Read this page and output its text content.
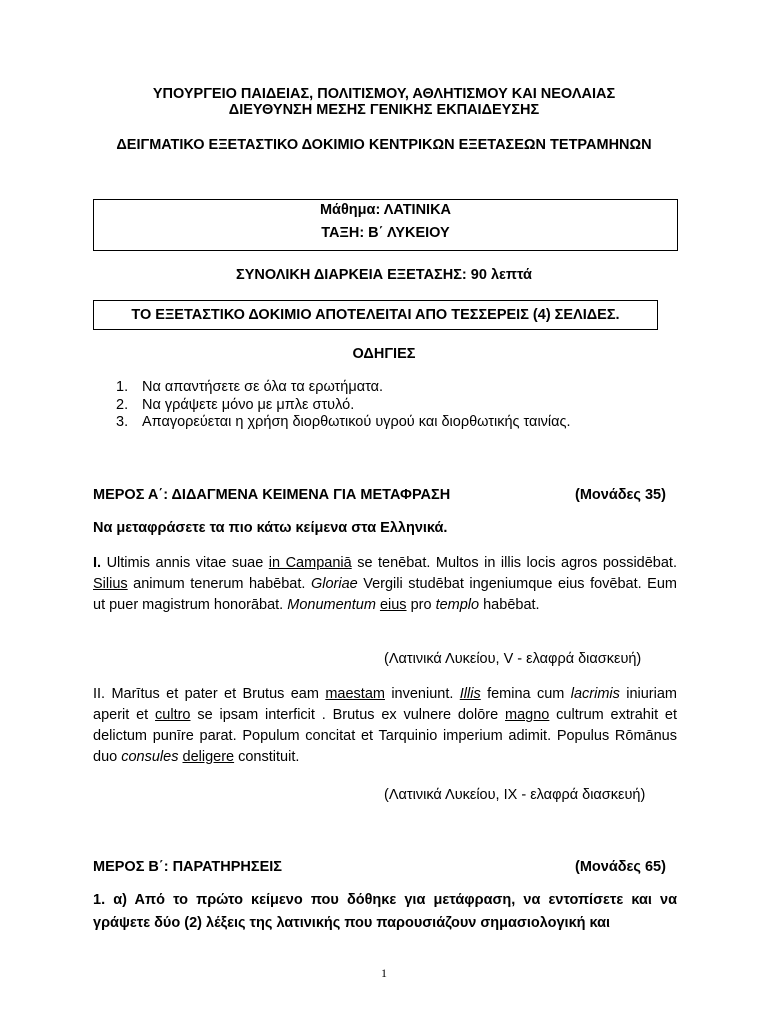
ΥΠΟΥΡΓΕΙΟ ΠΑΙΔΕΙΑΣ, ΠΟΛΙΤΙΣΜΟΥ, ΑΘΛΗΤΙΣΜΟΥ ΚΑΙ ΝΕΟΛΑΙΑΣ
ΔΙΕΥΘΥΝΣΗ ΜΕΣΗΣ ΓΕΝΙΚΗΣ ΕΚΠΑΙΔΕΥΣΗΣ
ΔΕΙΓΜΑΤΙΚΟ ΕΞΕΤΑΣΤΙΚΟ ΔΟΚΙΜΙΟ ΚΕΝΤΡΙΚΩΝ ΕΞΕΤΑΣΕΩΝ ΤΕΤΡΑΜΗΝΩΝ
Μάθημα: ΛΑΤΙΝΙΚΑ
ΤΑΞΗ: Β΄ ΛΥΚΕΙΟΥ
ΣΥΝΟΛΙΚΗ ΔΙΑΡΚΕΙΑ ΕΞΕΤΑΣΗΣ: 90 λεπτά
ΤΟ ΕΞΕΤΑΣΤΙΚΟ ΔΟΚΙΜΙΟ ΑΠΟΤΕΛΕΙΤΑΙ ΑΠΟ ΤΕΣΣΕΡΕΙΣ (4) ΣΕΛΙΔΕΣ.
ΟΔΗΓΙΕΣ
1. Να απαντήσετε σε όλα τα ερωτήματα.
2. Να γράψετε μόνο με μπλε στυλό.
3. Απαγορεύεται η χρήση διορθωτικού υγρού και διορθωτικής ταινίας.
ΜΕΡΟΣ Α΄: ΔΙΔΑΓΜΕΝΑ ΚΕΙΜΕΝΑ ΓΙΑ ΜΕΤΑΦΡΑΣΗ	(Μονάδες 35)
Να μεταφράσετε τα πιο κάτω κείμενα στα Ελληνικά.
I. Ultimis annis vitae suae in Campaniā se tenēbat. Multos in illis locis agros possidēbat. Silius animum tenerum habēbat. Gloriae Vergili studēbat ingeniumque eius fovēbat. Eum ut puer magistrum honorābat. Monumentum eius pro templo habēbat.
(Λατινικά Λυκείου, V - ελαφρά διασκευή)
II. Marītus et pater et Brutus eam maestam inveniunt. Illis femina cum lacrimis iniuriam aperit et cultro se ipsam interficit . Brutus ex vulnere dolōre magno cultrum extrahit et delictum punīre parat. Populum concitat et Tarquinio imperium adimit. Populus Rōmānus duo consules deligere constituit.
(Λατινικά Λυκείου, IX - ελαφρά διασκευή)
ΜΕΡΟΣ Β΄: ΠΑΡΑΤΗΡΗΣΕΙΣ	(Μονάδες 65)
1. α) Από το πρώτο κείμενο που δόθηκε για μετάφραση, να εντοπίσετε και να γράψετε δύο (2) λέξεις της λατινικής που παρουσιάζουν σημασιολογική και
1
